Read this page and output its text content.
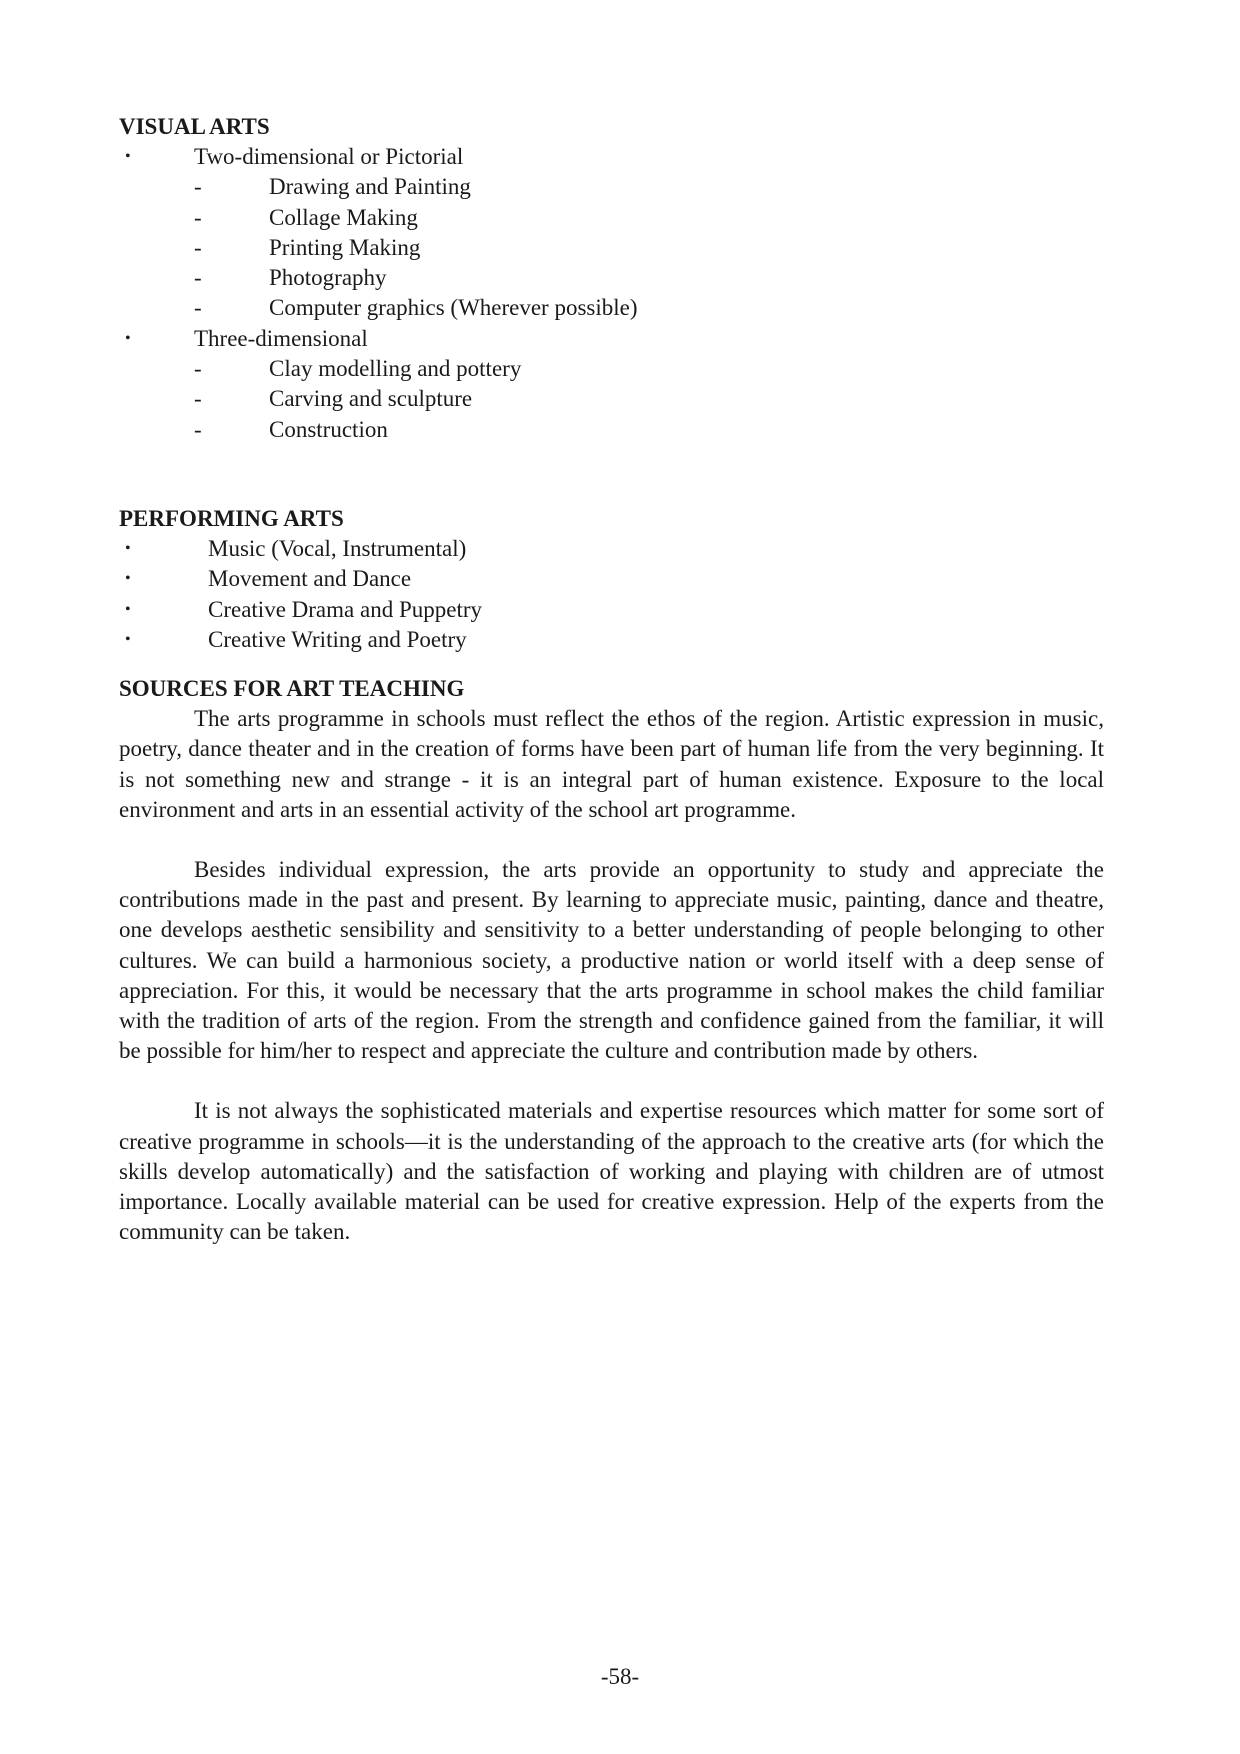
VISUAL ARTS
•	Two-dimensional or Pictorial
-	Drawing and Painting
-	Collage Making
-	Printing Making
-	Photography
-	Computer graphics (Wherever possible)
•	Three-dimensional
-	Clay modelling and pottery
-	Carving and sculpture
-	Construction
PERFORMING ARTS
•	Music (Vocal, Instrumental)
•	Movement and Dance
•	Creative Drama and Puppetry
•	Creative Writing and Poetry
SOURCES FOR ART TEACHING

The arts programme in schools must reflect the ethos of the region. Artistic expression in music, poetry, dance theater and in the creation of forms have been part of human life from the very beginning. It is not something new and strange - it is an integral part of human existence. Exposure to the local environment and arts in an essential activity of the school art programme.

Besides individual expression, the arts provide an opportunity to study and appreciate the contributions made in the past and present. By learning to appreciate music, painting, dance and theatre, one develops aesthetic sensibility and sensitivity to a better understanding of people belonging to other cultures. We can build a harmonious society, a productive nation or world itself with a deep sense of appreciation. For this, it would be necessary that the arts programme in school makes the child familiar with the tradition of arts of the region. From the strength and confidence gained from the familiar, it will be possible for him/her to respect and appreciate the culture and contribution made by others.

It is not always the sophisticated materials and expertise resources which matter for some sort of creative programme in schools—it is the understanding of the approach to the creative arts (for which the skills develop automatically) and the satisfaction of working and playing with children are of utmost importance. Locally available material can be used for creative expression. Help of the experts from the community can be taken.

-58-
